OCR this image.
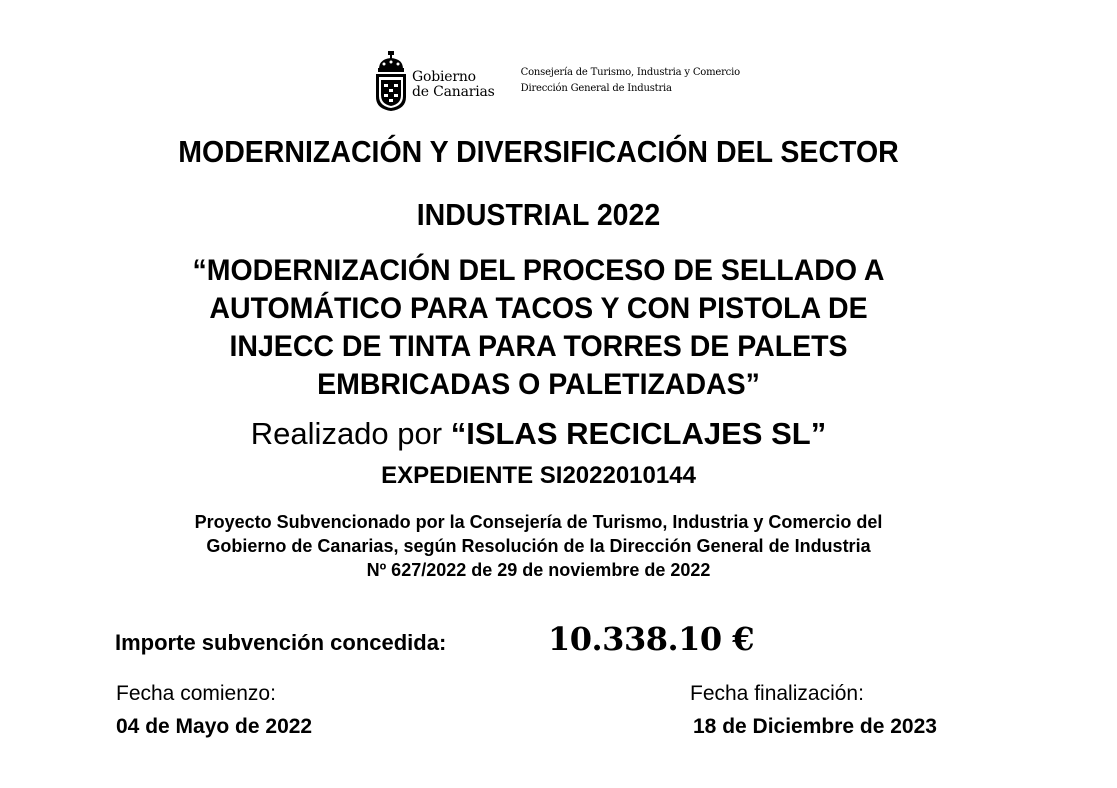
Gobierno
de Canarias
Consejería de Turismo, Industria y Comercio
Dirección General de Industria
MODERNIZACIÓN Y DIVERSIFICACIÓN DEL SECTOR
INDUSTRIAL 2022
“MODERNIZACIÓN DEL PROCESO DE SELLADO A
AUTOMÁTICO PARA TACOS Y CON PISTOLA DE
INJECC DE TINTA PARA TORRES DE PALETS
EMBRICADAS O PALETIZADAS”
Realizado por “ISLAS RECICLAJES SL”
EXPEDIENTE SI2022010144
Proyecto Subvencionado por la Consejería de Turismo, Industria y Comercio del
Gobierno de Canarias, según Resolución de la Dirección General de Industria
Nº 627/2022 de 29 de noviembre de 2022
Importe subvención concedida:	10.338.10 €
Fecha comienzo:
04 de Mayo de 2022
Fecha finalización:
18 de Diciembre de 2023
